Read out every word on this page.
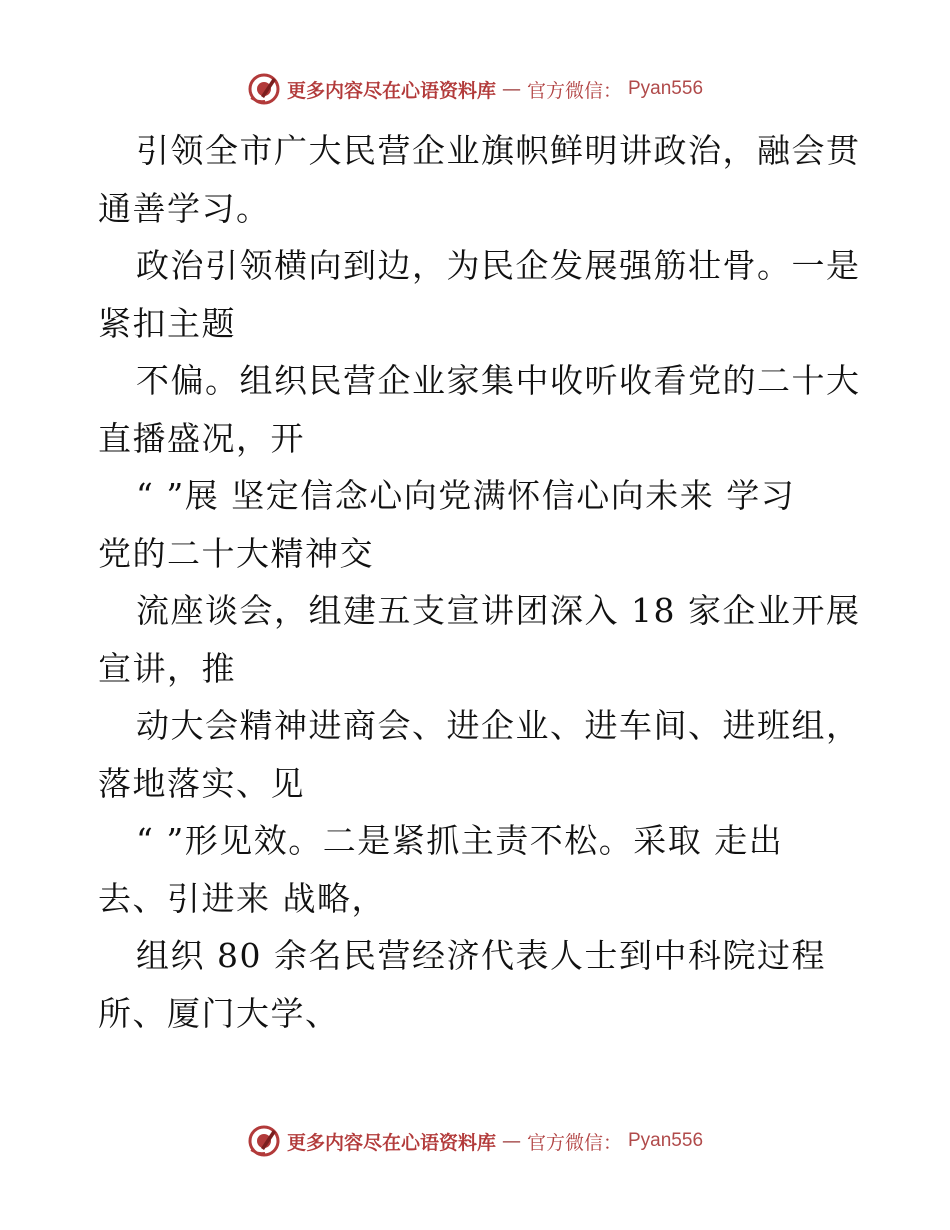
更多内容尽在心语资料库 — 官方微信： Pyan556
引领全市广大民营企业旗帜鲜明讲政治，融会贯
通善学习。
政治引领横向到边，为民企发展强筋壮骨。一是
紧扣主题
不偏。组织民营企业家集中收听收看党的二十大
直播盛况，开
“ ”展 坚定信念心向党满怀信心向未来 学习
党的二十大精神交
流座谈会，组建五支宣讲团深入 18 家企业开展
宣讲，推
动大会精神进商会、进企业、进车间、进班组，
落地落实、见
“ ”形见效。二是紧抓主责不松。采取 走出
去、引进来 战略，
组织 80 余名民营经济代表人士到中科院过程
所、厦门大学、
更多内容尽在心语资料库 — 官方微信： Pyan556
